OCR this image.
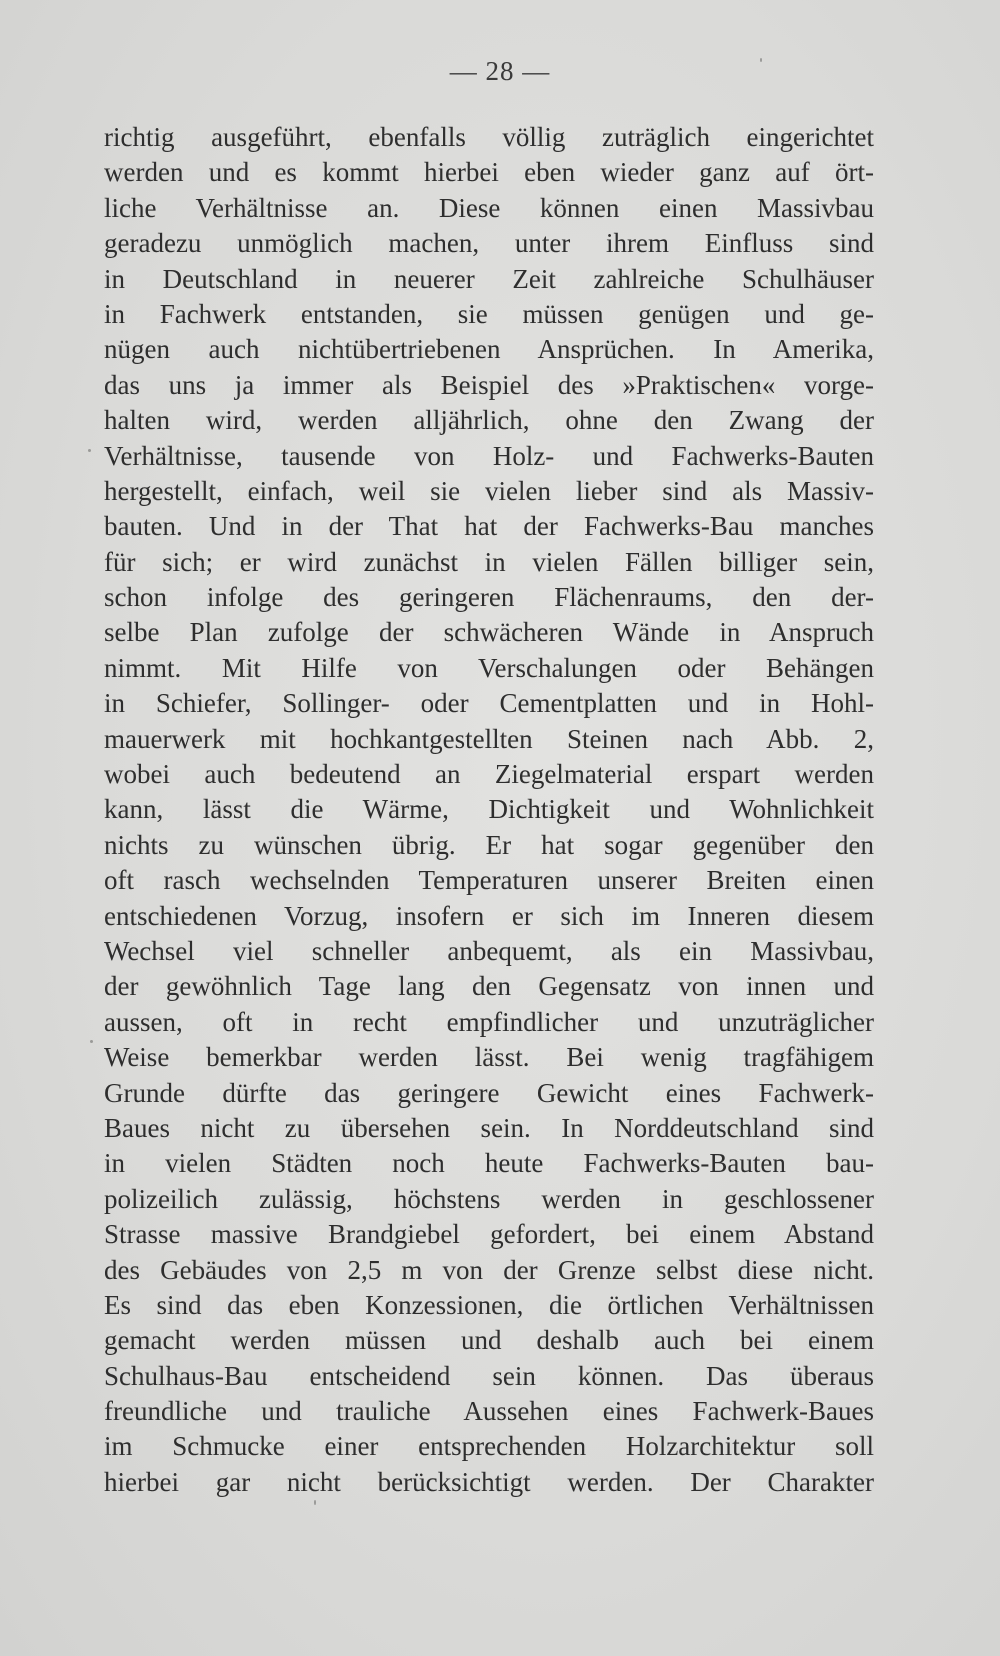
— 28 —
richtig ausgeführt, ebenfalls völlig zuträglich eingerichtet
werden und es kommt hierbei eben wieder ganz auf ört-
liche Verhältnisse an. Diese können einen Massivbau
geradezu unmöglich machen, unter ihrem Einfluss sind
in Deutschland in neuerer Zeit zahlreiche Schulhäuser
in Fachwerk entstanden, sie müssen genügen und ge-
nügen auch nichtübertriebenen Ansprüchen. In Amerika,
das uns ja immer als Beispiel des »Praktischen« vorge-
halten wird, werden alljährlich, ohne den Zwang der
Verhältnisse, tausende von Holz- und Fachwerks-Bauten
hergestellt, einfach, weil sie vielen lieber sind als Massiv-
bauten. Und in der That hat der Fachwerks-Bau manches
für sich; er wird zunächst in vielen Fällen billiger sein,
schon infolge des geringeren Flächenraums, den der-
selbe Plan zufolge der schwächeren Wände in Anspruch
nimmt. Mit Hilfe von Verschalungen oder Behängen
in Schiefer, Sollinger- oder Cementplatten und in Hohl-
mauerwerk mit hochkantgestellten Steinen nach Abb. 2,
wobei auch bedeutend an Ziegelmaterial erspart werden
kann, lässt die Wärme, Dichtigkeit und Wohnlichkeit
nichts zu wünschen übrig. Er hat sogar gegenüber den
oft rasch wechselnden Temperaturen unserer Breiten einen
entschiedenen Vorzug, insofern er sich im Inneren diesem
Wechsel viel schneller anbequemt, als ein Massivbau,
der gewöhnlich Tage lang den Gegensatz von innen und
aussen, oft in recht empfindlicher und unzuträglicher
Weise bemerkbar werden lässt. Bei wenig tragfähigem
Grunde dürfte das geringere Gewicht eines Fachwerk-
Baues nicht zu übersehen sein. In Norddeutschland sind
in vielen Städten noch heute Fachwerks-Bauten bau-
polizeilich zulässig, höchstens werden in geschlossener
Strasse massive Brandgiebel gefordert, bei einem Abstand
des Gebäudes von 2,5 m von der Grenze selbst diese nicht.
Es sind das eben Konzessionen, die örtlichen Verhältnissen
gemacht werden müssen und deshalb auch bei einem
Schulhaus-Bau entscheidend sein können. Das überaus
freundliche und trauliche Aussehen eines Fachwerk-Baues
im Schmucke einer entsprechenden Holzarchitektur soll
hierbei gar nicht berücksichtigt werden. Der Charakter
